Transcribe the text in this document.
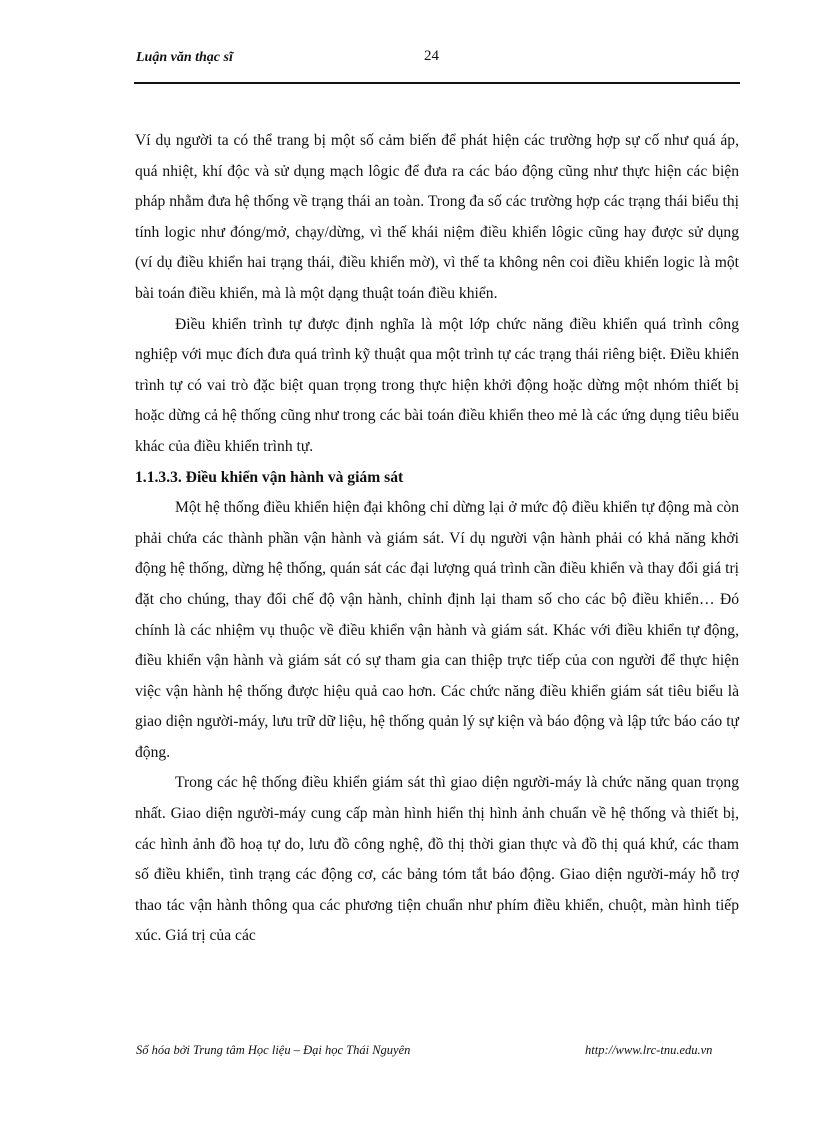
Luận văn thạc sĩ	24

Ví dụ người ta có thể trang bị một số cảm biến để phát hiện các trường hợp sự cố như quá áp, quá nhiệt, khí độc và sử dụng mạch lôgic để đưa ra các báo động cũng như thực hiện các biện pháp nhằm đưa hệ thống về trạng thái an toàn. Trong đa số các trường hợp các trạng thái biểu thị tính logic như đóng/mở, chạy/dừng, vì thế khái niệm điều khiển lôgic cũng hay được sử dụng (ví dụ điều khiển hai trạng thái, điều khiển mờ), vì thế ta không nên coi điều khiển logic là một bài toán điều khiển, mà là một dạng thuật toán điều khiển.

Điều khiển trình tự được định nghĩa là một lớp chức năng điều khiển quá trình công nghiệp với mục đích đưa quá trình kỹ thuật qua một trình tự các trạng thái riêng biệt. Điều khiển trình tự có vai trò đặc biệt quan trọng trong thực hiện khởi động hoặc dừng một nhóm thiết bị hoặc dừng cả hệ thống cũng như trong các bài toán điều khiển theo mẻ là các ứng dụng tiêu biểu khác của điều khiển trình tự.

1.1.3.3. Điều khiển vận hành và giám sát

Một hệ thống điều khiển hiện đại không chỉ dừng lại ở mức độ điều khiển tự động mà còn phải chứa các thành phần vận hành và giám sát. Ví dụ người vận hành phải có khả năng khởi động hệ thống, dừng hệ thống, quán sát các đại lượng quá trình cần điều khiển và thay đổi giá trị đặt cho chúng, thay đổi chế độ vận hành, chỉnh định lại tham số cho các bộ điều khiển… Đó chính là các nhiệm vụ thuộc về điều khiển vận hành và giám sát. Khác với điều khiển tự động, điều khiển vận hành và giám sát có sự tham gia can thiệp trực tiếp của con người để thực hiện việc vận hành hệ thống được hiệu quả cao hơn. Các chức năng điều khiển giám sát tiêu biểu là giao diện người-máy, lưu trữ dữ liệu, hệ thống quản lý sự kiện và báo động và lập tức báo cáo tự động.

Trong các hệ thống điều khiển giám sát thì giao diện người-máy là chức năng quan trọng nhất. Giao diện người-máy cung cấp màn hình hiển thị hình ảnh chuẩn về hệ thống và thiết bị, các hình ảnh đồ hoạ tự do, lưu đồ công nghệ, đồ thị thời gian thực và đồ thị quá khứ, các tham số điều khiển, tình trạng các động cơ, các bảng tóm tắt báo động. Giao diện người-máy hỗ trợ thao tác vận hành thông qua các phương tiện chuẩn như phím điều khiển, chuột, màn hình tiếp xúc. Giá trị của các

Số hóa bởi Trung tâm Học liệu – Đại học Thái Nguyên	http://www.lrc-tnu.edu.vn
